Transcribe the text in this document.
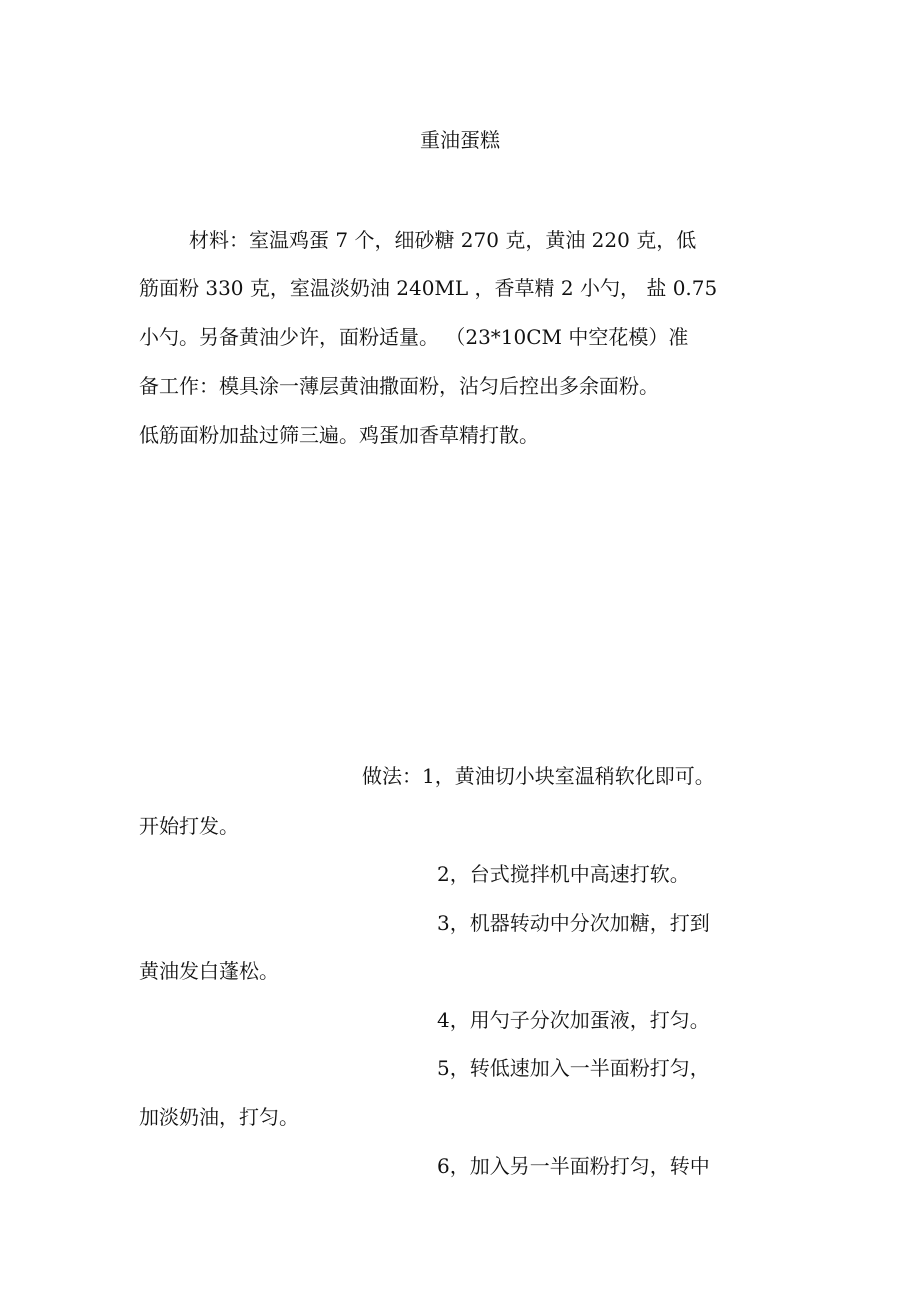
重油蛋糕
材料：室温鸡蛋 7 个，细砂糖 270 克，黄油 220 克，低
筋面粉 330 克，室温淡奶油 240ML ，香草精 2 小勺， 盐 0.75
小勺。另备黄油少许，面粉适量。 （23*10CM 中空花模）准
备工作：模具涂一薄层黄油撒面粉，沾匀后控出多余面粉。
低筋面粉加盐过筛三遍。鸡蛋加香草精打散。
做法：1，黄油切小块室温稍软化即可。
开始打发。
2，台式搅拌机中高速打软。
3，机器转动中分次加糖，打到
黄油发白蓬松。
4，用勺子分次加蛋液，打匀。
5，转低速加入一半面粉打匀，
加淡奶油，打匀。
6，加入另一半面粉打匀，转中
